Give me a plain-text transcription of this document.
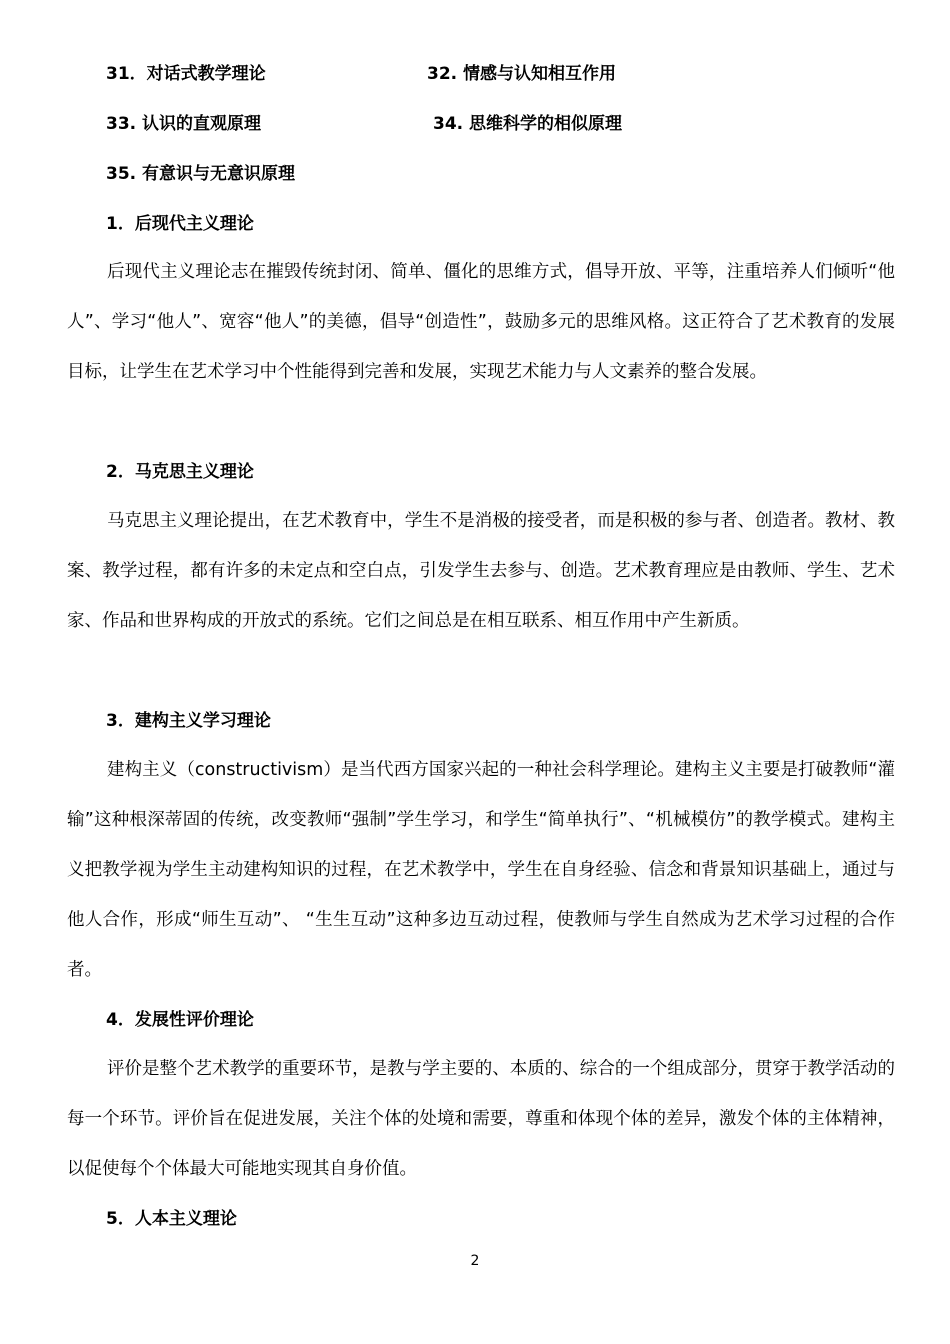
31．对话式教学理论	32. 情感与认知相互作用
33. 认识的直观原理	34. 思维科学的相似原理
35. 有意识与无意识原理
1．后现代主义理论
后现代主义理论志在摧毁传统封闭、简单、僵化的思维方式，倡导开放、平等，注重培养人们倾听“他人”、学习“他人”、宽容“他人”的美德，倡导“创造性”，鼓励多元的思维风格。这正符合了艺术教育的发展目标，让学生在艺术学习中个性能得到完善和发展，实现艺术能力与人文素养的整合发展。
2．马克思主义理论
马克思主义理论提出，在艺术教育中，学生不是消极的接受者，而是积极的参与者、创造者。教材、教案、教学过程，都有许多的未定点和空白点，引发学生去参与、创造。艺术教育理应是由教师、学生、艺术家、作品和世界构成的开放式的系统。它们之间总是在相互联系、相互作用中产生新质。
3．建构主义学习理论
建构主义（constructivism）是当代西方国家兴起的一种社会科学理论。建构主义主要是打破教师“灌输”这种根深蒂固的传统，改变教师“强制”学生学习，和学生“简单执行”、“机械模仿”的教学模式。建构主义把教学视为学生主动建构知识的过程，在艺术教学中，学生在自身经验、信念和背景知识基础上，通过与他人合作，形成“师生互动”、 “生生互动”这种多边互动过程，使教师与学生自然成为艺术学习过程的合作者。
4．发展性评价理论
评价是整个艺术教学的重要环节，是教与学主要的、本质的、综合的一个组成部分，贯穿于教学活动的每一个环节。评价旨在促进发展，关注个体的处境和需要，尊重和体现个体的差异，激发个体的主体精神，以促使每个个体最大可能地实现其自身价值。
5．人本主义理论
2
